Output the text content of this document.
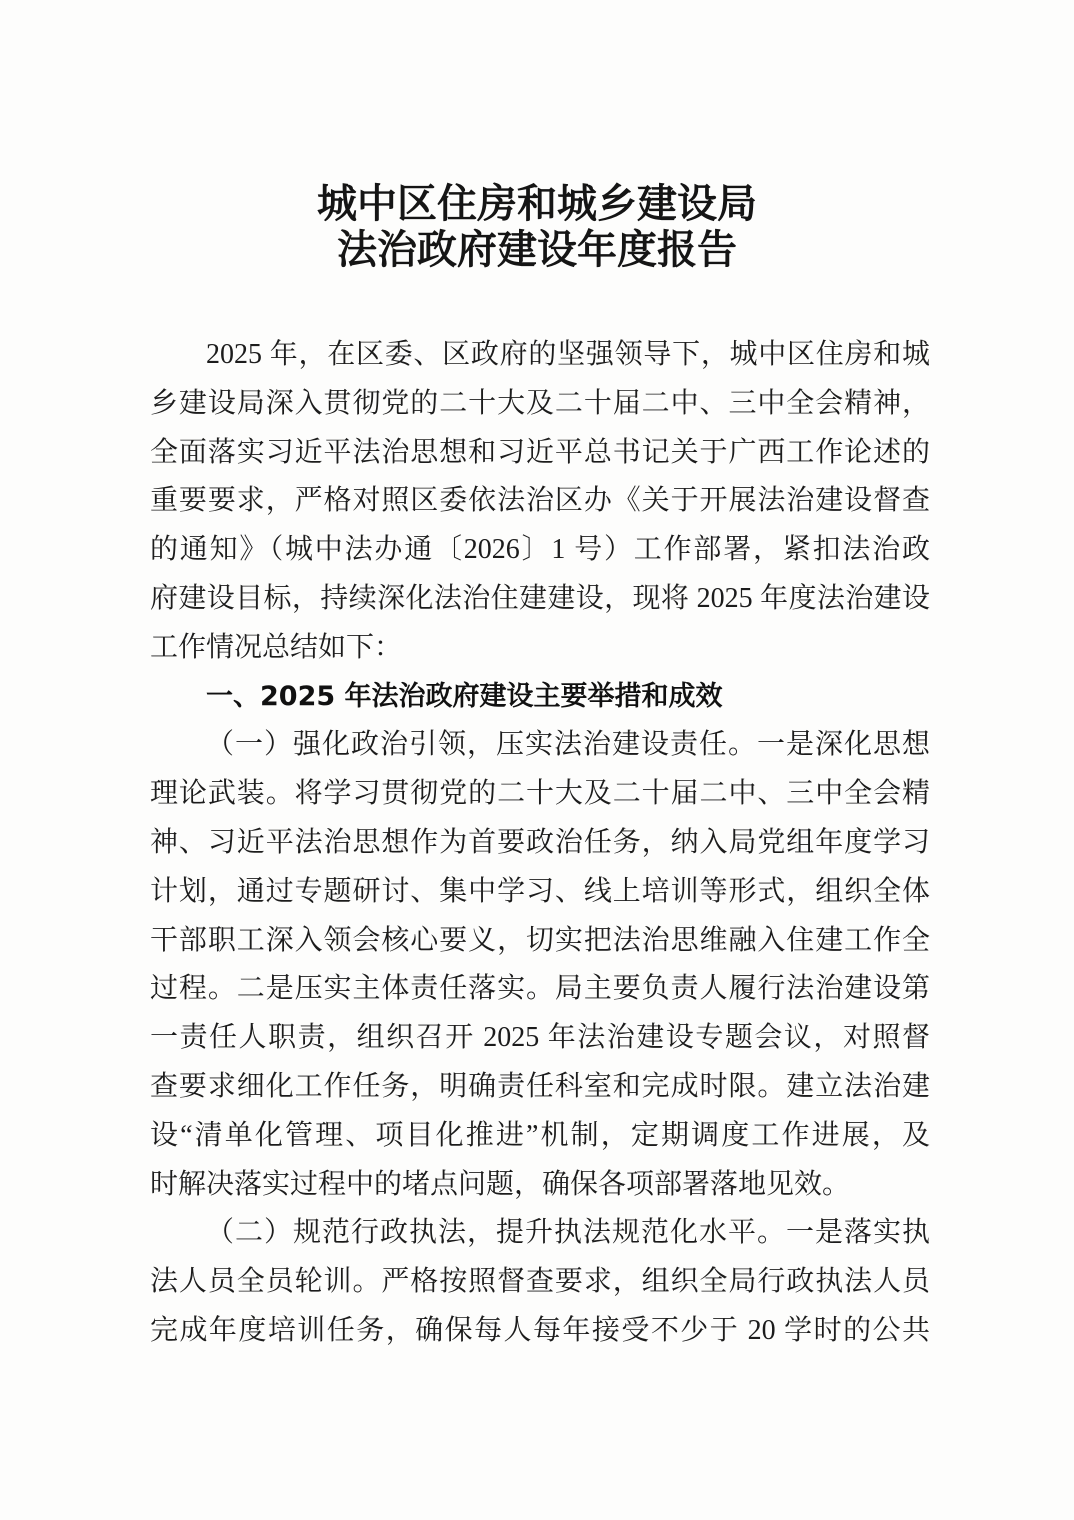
城中区住房和城乡建设局
法治政府建设年度报告
2025 年，在区委、区政府的坚强领导下，城中区住房和城
乡建设局深入贯彻党的二十大及二十届二中、三中全会精神，
全面落实习近平法治思想和习近平总书记关于广西工作论述的
重要要求，严格对照区委依法治区办《关于开展法治建设督查
的通知》（城中法办通〔2026〕1 号）工作部署，紧扣法治政
府建设目标，持续深化法治住建建设，现将 2025 年度法治建设
工作情况总结如下：
一、2025 年法治政府建设主要举措和成效
（一）强化政治引领，压实法治建设责任。一是深化思想
理论武装。将学习贯彻党的二十大及二十届二中、三中全会精
神、习近平法治思想作为首要政治任务，纳入局党组年度学习
计划，通过专题研讨、集中学习、线上培训等形式，组织全体
干部职工深入领会核心要义，切实把法治思维融入住建工作全
过程。二是压实主体责任落实。局主要负责人履行法治建设第
一责任人职责，组织召开 2025 年法治建设专题会议，对照督
查要求细化工作任务，明确责任科室和完成时限。建立法治建
设“清单化管理、项目化推进”机制，定期调度工作进展，及
时解决落实过程中的堵点问题，确保各项部署落地见效。
（二）规范行政执法，提升执法规范化水平。一是落实执
法人员全员轮训。严格按照督查要求，组织全局行政执法人员
完成年度培训任务，确保每人每年接受不少于 20 学时的公共
